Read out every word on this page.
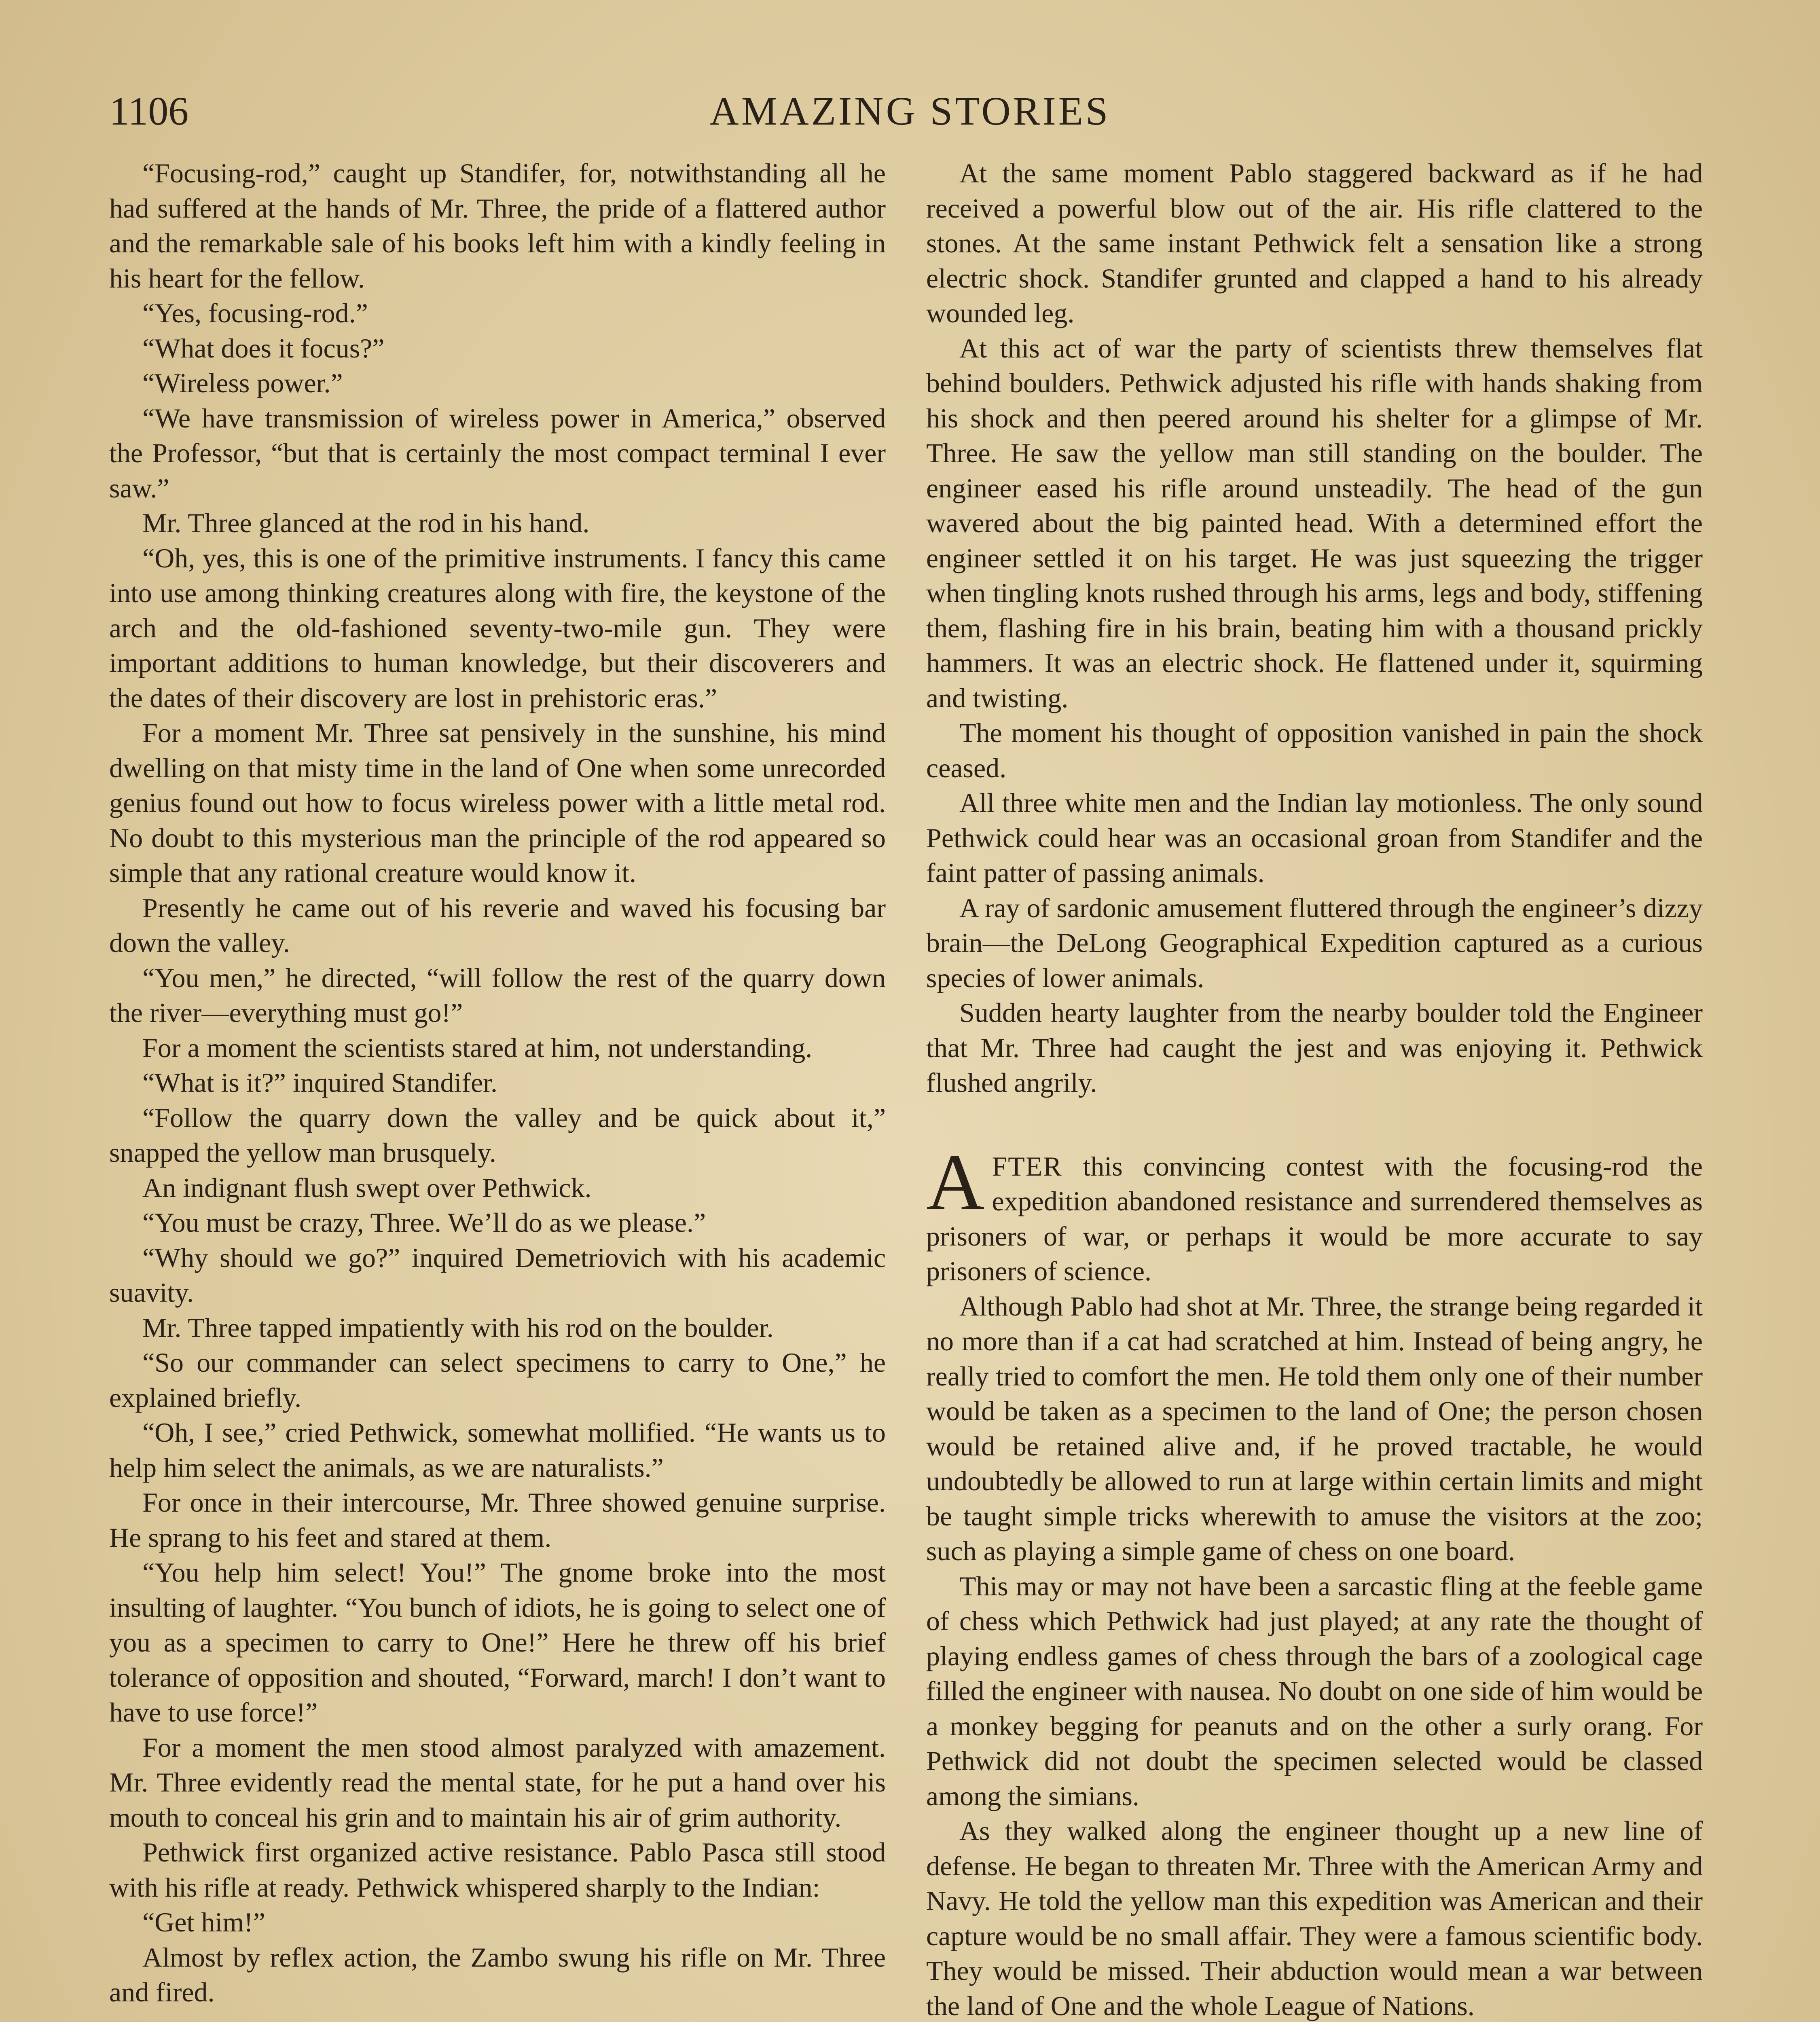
1106	AMAZING STORIES

“Focusing-rod,” caught up Standifer, for, notwithstanding all he had suffered at the hands of Mr. Three, the pride of a flattered author and the remarkable sale of his books left him with a kindly feeling in his heart for the fellow.

“Yes, focusing-rod.”

“What does it focus?”

“Wireless power.”

“We have transmission of wireless power in America,” observed the Professor, “but that is certainly the most compact terminal I ever saw.”

Mr. Three glanced at the rod in his hand.

“Oh, yes, this is one of the primitive instruments. I fancy this came into use among thinking creatures along with fire, the keystone of the arch and the old-fashioned seventy-two-mile gun. They were important additions to human knowledge, but their discoverers and the dates of their discovery are lost in prehistoric eras.”

For a moment Mr. Three sat pensively in the sunshine, his mind dwelling on that misty time in the land of One when some unrecorded genius found out how to focus wireless power with a little metal rod. No doubt to this mysterious man the principle of the rod appeared so simple that any rational creature would know it.

Presently he came out of his reverie and waved his focusing bar down the valley.

“You men,” he directed, “will follow the rest of the quarry down the river—everything must go!”

For a moment the scientists stared at him, not understanding.

“What is it?” inquired Standifer.

“Follow the quarry down the valley and be quick about it,” snapped the yellow man brusquely.

An indignant flush swept over Pethwick.

“You must be crazy, Three. We’ll do as we please.”

“Why should we go?” inquired Demetriovich with his academic suavity.

Mr. Three tapped impatiently with his rod on the boulder.

“So our commander can select specimens to carry to One,” he explained briefly.

“Oh, I see,” cried Pethwick, somewhat mollified. “He wants us to help him select the animals, as we are naturalists.”

For once in their intercourse, Mr. Three showed genuine surprise. He sprang to his feet and stared at them.

“You help him select! You!” The gnome broke into the most insulting of laughter. “You bunch of idiots, he is going to select one of you as a specimen to carry to One!” Here he threw off his brief tolerance of opposition and shouted, “Forward, march! I don’t want to have to use force!”

For a moment the men stood almost paralyzed with amazement. Mr. Three evidently read the mental state, for he put a hand over his mouth to conceal his grin and to maintain his air of grim authority.

Pethwick first organized active resistance. Pablo Pasca still stood with his rifle at ready. Pethwick whispered sharply to the Indian:

“Get him!”

Almost by reflex action, the Zambo swung his rifle on Mr. Three and fired.

At the same moment Pablo staggered backward as if he had received a powerful blow out of the air. His rifle clattered to the stones. At the same instant Pethwick felt a sensation like a strong electric shock. Standifer grunted and clapped a hand to his already wounded leg.

At this act of war the party of scientists threw themselves flat behind boulders. Pethwick adjusted his rifle with hands shaking from his shock and then peered around his shelter for a glimpse of Mr. Three. He saw the yellow man still standing on the boulder. The engineer eased his rifle around unsteadily. The head of the gun wavered about the big painted head. With a determined effort the engineer settled it on his target. He was just squeezing the trigger when tingling knots rushed through his arms, legs and body, stiffening them, flashing fire in his brain, beating him with a thousand prickly hammers. It was an electric shock. He flattened under it, squirming and twisting.

The moment his thought of opposition vanished in pain the shock ceased.

All three white men and the Indian lay motionless. The only sound Pethwick could hear was an occasional groan from Standifer and the faint patter of passing animals.

A ray of sardonic amusement fluttered through the engineer’s dizzy brain—the DeLong Geographical Expedition captured as a curious species of lower animals.

Sudden hearty laughter from the nearby boulder told the Engineer that Mr. Three had caught the jest and was enjoying it. Pethwick flushed angrily.

AFTER this convincing contest with the focusing-rod the expedition abandoned resistance and surrendered themselves as prisoners of war, or perhaps it would be more accurate to say prisoners of science.

Although Pablo had shot at Mr. Three, the strange being regarded it no more than if a cat had scratched at him. Instead of being angry, he really tried to comfort the men. He told them only one of their number would be taken as a specimen to the land of One; the person chosen would be retained alive and, if he proved tractable, he would undoubtedly be allowed to run at large within certain limits and might be taught simple tricks wherewith to amuse the visitors at the zoo; such as playing a simple game of chess on one board.

This may or may not have been a sarcastic fling at the feeble game of chess which Pethwick had just played; at any rate the thought of playing endless games of chess through the bars of a zoological cage filled the engineer with nausea. No doubt on one side of him would be a monkey begging for peanuts and on the other a surly orang. For Pethwick did not doubt the specimen selected would be classed among the simians.

As they walked along the engineer thought up a new line of defense. He began to threaten Mr. Three with the American Army and Navy. He told the yellow man this expedition was American and their capture would be no small affair. They were a famous scientific body. They would be missed. Their abduction would mean a war between the land of One and the whole League of Nations.
